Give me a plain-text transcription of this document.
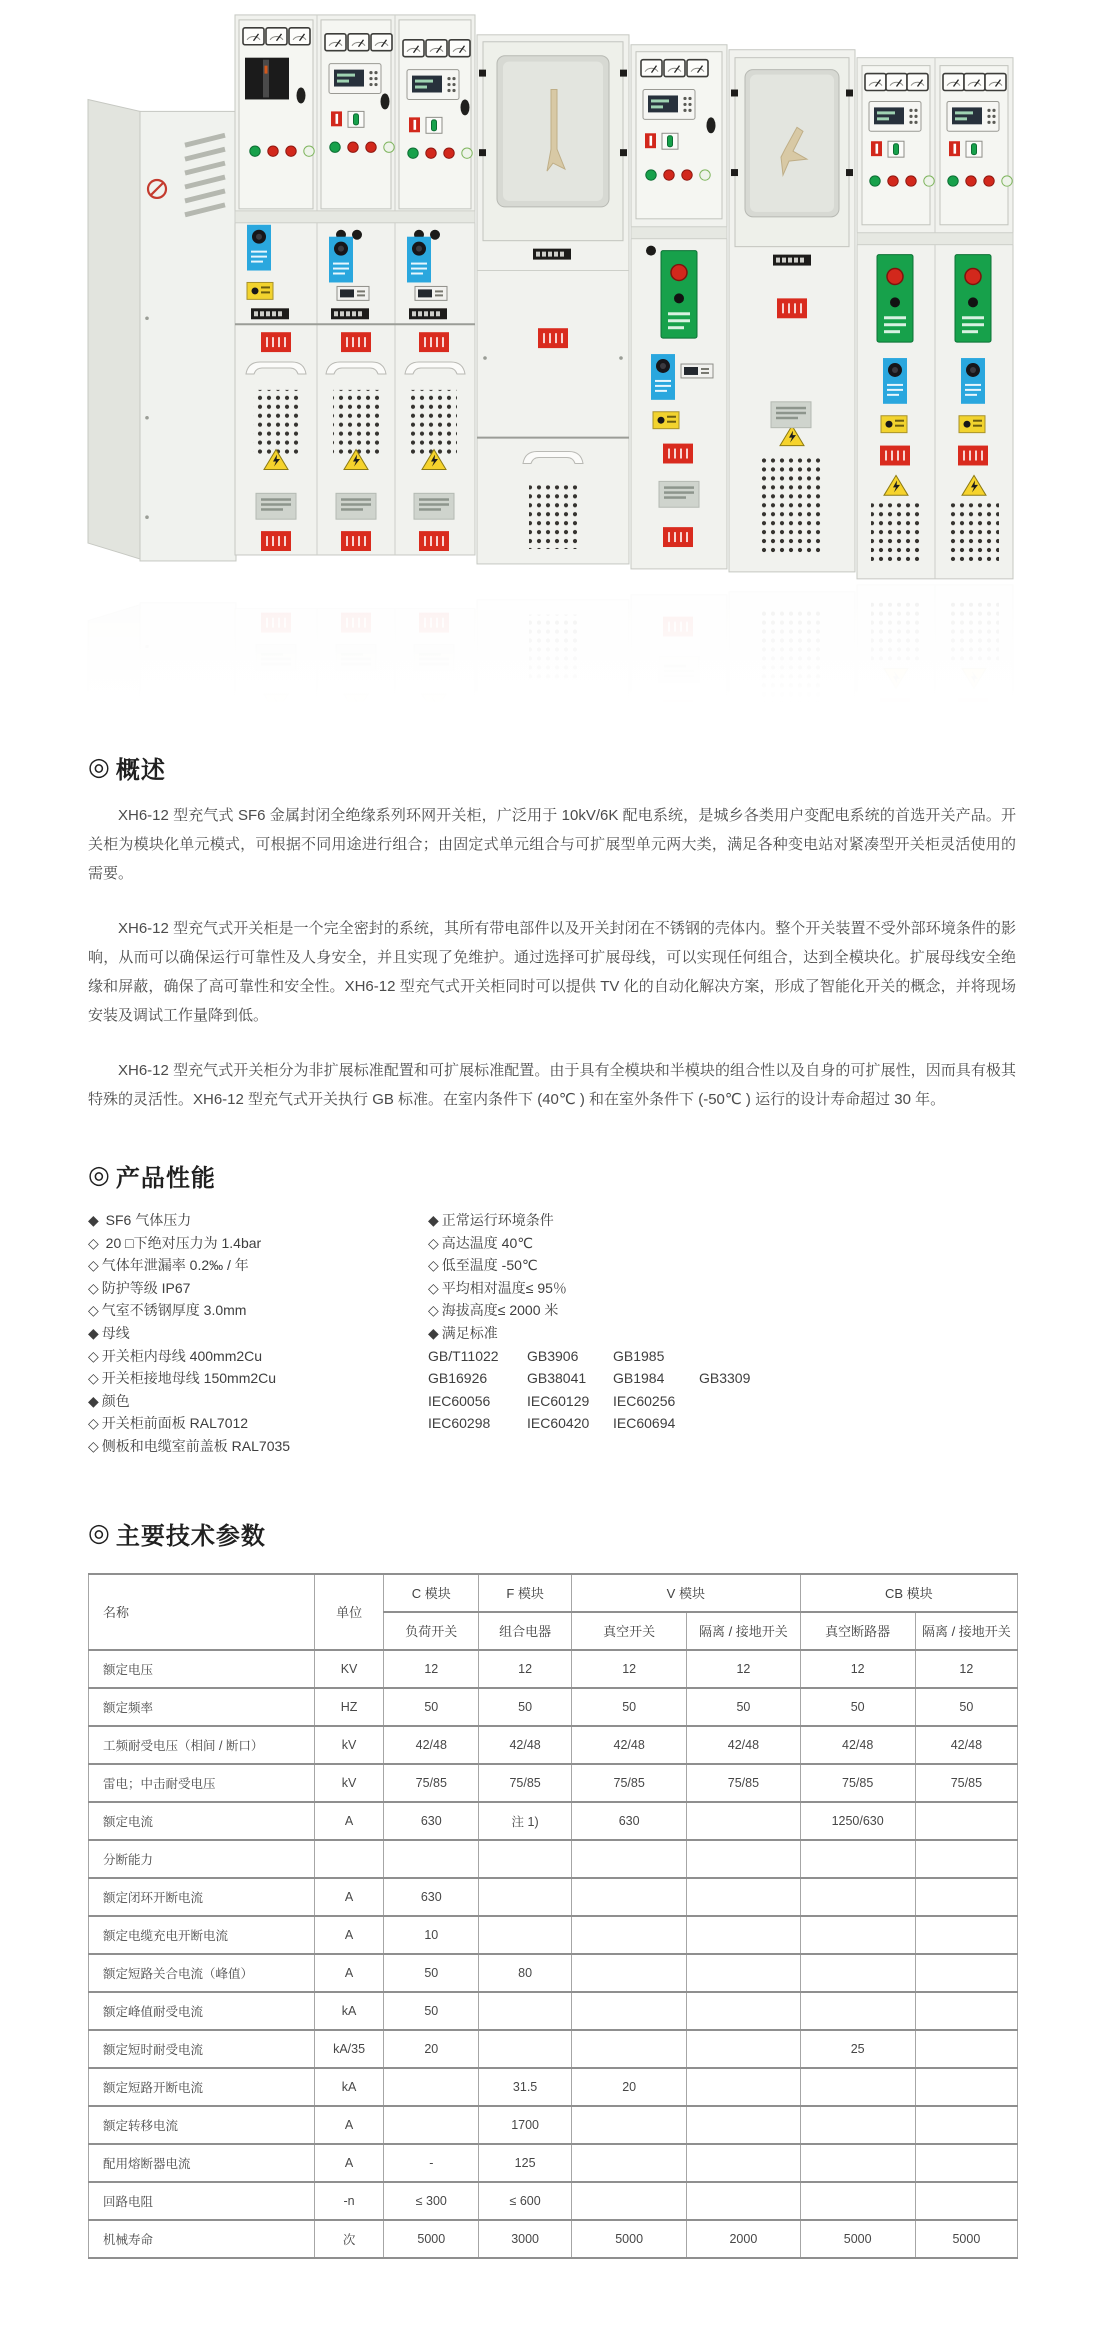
◎ 概述

XH6-12 型充气式 SF6 金属封闭全绝缘系列环网开关柜，广泛用于 10kV/6K 配电系统，是城乡各类用户变配电系统的首选开关产品。开关柜为模块化单元模式，可根据不同用途进行组合；由固定式单元组合与可扩展型单元两大类，满足各种变电站对紧凑型开关柜灵活使用的需要。

XH6-12 型充气式开关柜是一个完全密封的系统，其所有带电部件以及开关封闭在不锈钢的壳体内。整个开关装置不受外部环境条件的影响，从而可以确保运行可靠性及人身安全，并且实现了免维护。通过选择可扩展母线，可以实现任何组合，达到全模块化。扩展母线安全绝缘和屏蔽，确保了高可靠性和安全性。XH6-12 型充气式开关柜同时可以提供 TV 化的自动化解决方案，形成了智能化开关的概念，并将现场安装及调试工作量降到低。

XH6-12 型充气式开关柜分为非扩展标准配置和可扩展标准配置。由于具有全模块和半模块的组合性以及自身的可扩展性，因而具有极其特殊的灵活性。XH6-12 型充气式开关执行 GB 标准。在室内条件下 (40℃ ) 和在室外条件下 (-50℃ ) 运行的设计寿命超过 30 年。

◎ 产品性能
◆ SF6 气体压力
◇ 20 □下绝对压力为 1.4bar
◇ 气体年泄漏率 0.2‰ / 年
◇ 防护等级 IP67
◇ 气室不锈钢厚度 3.0mm
◆ 母线
◇ 开关柜内母线 400mm2Cu
◇ 开关柜接地母线 150mm2Cu
◆ 颜色
◇ 开关柜前面板 RAL7012
◇ 侧板和电缆室前盖板 RAL7035
◆ 正常运行环境条件
◇ 高达温度 40℃
◇ 低至温度 -50℃
◇ 平均相对温度≤ 95％
◇ 海拔高度≤ 2000 米
◆ 满足标准
GB/T11022 GB3906 GB1985
GB16926	GB38041 GB1984 GB3309
IEC60056	IEC60129 IEC60256
IEC60298	IEC60420 IEC60694
◎ 主要技术参数
名称	单位	C 模块	F 模块	V 模块		CB 模块	
		负荷开关	组合电器	真空开关	隔离 / 接地开关	真空断路器	隔离 / 接地开关
额定电压	KV	12	12	12	12	12	12
额定频率	HZ	50	50	50	50	50	50
工频耐受电压（相间 / 断口）	kV	42/48	42/48	42/48	42/48	42/48	42/48
雷电；中击耐受电压	kV	75/85	75/85	75/85	75/85	75/85	75/85
额定电流	A	630	注 1)	630		1250/630	
分断能力							
额定闭环开断电流	A	630					
额定电缆充电开断电流	A	10					
额定短路关合电流（峰值）	A	50	80				
额定峰值耐受电流	kA	50					
额定短时耐受电流	kA/35	20				25	
额定短路开断电流	kA		31.5	20			
额定转移电流	A		1700				
配用熔断器电流	A	-	125				
回路电阻	-n	≤ 300	≤ 600				
机械寿命	次	5000	3000	5000	2000	5000	5000
